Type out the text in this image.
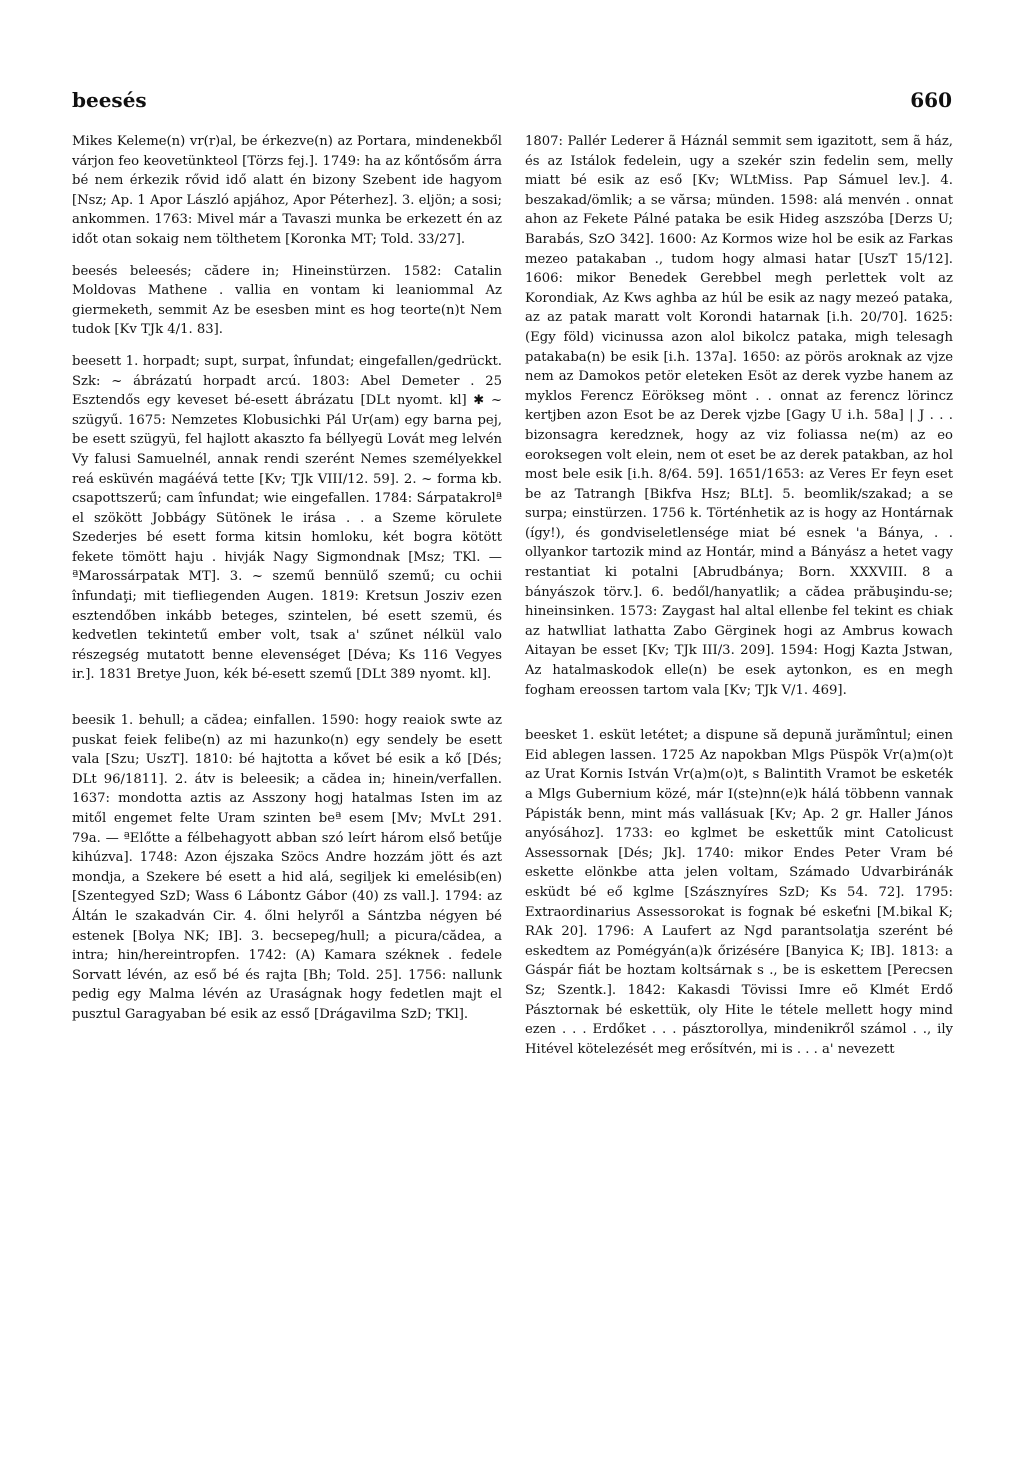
beesés	660

Mikes Keleme(n) vr(r)al, be érkezve(n) az Portara, mindenekből várjon feo keovetünkteol [Törzs fej.]. 1749: ha az kőntősőm árra bé nem érkezik rővid idő alatt én bizony Szebent ide hagyom [Nsz; Ap. 1 Apor László apjához, Apor Péterhez]. 3. eljön; a sosi; ankommen. 1763: Mivel már a Tavaszi munka be erkezett én az időt otan sokaig nem tölthetem [Koronka MT; Told. 33/27].

beesés beleesés; cădere in; Hineinstürzen. 1582: Catalin Moldovas Mathene . vallia en vontam ki leaniommal Az giermeketh, semmit Az be esesben mint es hog teorte(n)t Nem tudok [Kv TJk 4/1. 83].

beesett 1. horpadt; supt, surpat, înfundat; eingefallen/gedrückt. Szk: ~ ábrázatú horpadt arcú. 1803: Abel Demeter . 25 Esztendős egy keveset bé-esett ábrázatu [DLt nyomt. kl] ✱ ~ szügyű. 1675: Nemzetes Klobusichki Pál Ur(am) egy barna pej, be esett szügyü, fel hajlott akaszto fa béllyegü Lovát meg lelvén Vy falusi Samuelnél, annak rendi szerént Nemes személyekkel reá esküvén magáévá tette [Kv; TJk VIII/12. 59]. 2. ~ forma kb. csapottszerű; cam înfundat; wie eingefallen. 1784: Sárpatakrolª el szökött Jobbágy Sütönek le irása . . a Szeme körulete Szederjes bé esett forma kitsin homloku, két bogra kötött fekete tömött haju . hivják Nagy Sigmondnak [Msz; TKl. — ªMarossárpatak MT]. 3. ~ szemű bennülő szemű; cu ochii înfundaţi; mit tiefliegenden Augen. 1819: Kretsun Josziv ezen esztendőben inkább beteges, szintelen, bé esett szemü, és kedvetlen tekintetű ember volt, tsak a' szűnet nélkül valo részegség mutatott benne elevenséget [Déva; Ks 116 Vegyes ir.]. 1831 Bretye Juon, kék bé-esett szemű [DLt 389 nyomt. kl].

beesik 1. behull; a cădea; einfallen. 1590: hogy reaiok swte az puskat feiek felibe(n) az mi hazunko(n) egy sendely be esett vala [Szu; UszT]. 1810: bé hajtotta a kővet bé esik a kő [Dés; DLt 96/1811]. 2. átv is beleesik; a cădea in; hinein/verfallen. 1637: mondotta aztis az Asszony hogj hatalmas Isten im az mitől engemet felte Uram szinten beª esem [Mv; MvLt 291. 79a. — ªElőtte a félbehagyott abban szó leírt három első betűje kihúzva]. 1748: Azon éjszaka Szöcs Andre hozzám jött és azt mondja, a Szekere bé esett a hid alá, segiljek ki emelésib(en) [Szentegyed SzD; Wass 6 Lábontz Gábor (40) zs vall.]. 1794: az Áltán le szakadván Cir. 4. őlni helyről a Sántzba négyen bé estenek [Bolya NK; IB]. 3. becsepeg/hull; a picura/cădea, a intra; hin/hereintropfen. 1742: (A) Kamara széknek . fedele Sorvatt lévén, az eső bé és rajta [Bh; Told. 25]. 1756: nallunk pedig egy Malma lévén az Uraságnak hogy fedetlen majt el pusztul Garagyaban bé esik az esső [Drágavilma SzD; TKl].

1807: Pallér Lederer ã Háznál semmit sem igazitott, sem ã ház, és az Istálok fedelein, ugy a szekér szin fedelin sem, melly miatt bé esik az eső [Kv; WLtMiss. Pap Sámuel lev.]. 4. beszakad/ömlik; a se vărsa; münden. 1598: alá menvén . onnat ahon az Fekete Pálné pataka be esik Hideg aszszóba [Derzs U; Barabás, SzO 342]. 1600: Az Kormos wize hol be esik az Farkas mezeo patakaban ., tudom hogy almasi hatar [UszT 15/12]. 1606: mikor Benedek Gerebbel megh perlettek volt az Korondiak, Az Kws aghba az húl be esik az nagy mezeó pataka, az az patak maratt volt Korondi hatarnak [i.h. 20/70]. 1625: (Egy föld) vicinussa azon alol bikolcz pataka, migh telesagh patakaba(n) be esik [i.h. 137a]. 1650: az pörös aroknak az vjze nem az Damokos petör eleteken Esöt az derek vyzbe hanem az myklos Ferencz Eörökseg mönt . . onnat az ferencz lörincz kertjben azon Esot be az Derek vjzbe [Gagy U i.h. 58a] | J . . . bizonsagra keredznek, hogy az viz foliassa ne(m) az eo eoroksegen volt elein, nem ot eset be az derek patakban, az hol most bele esik [i.h. 8/64. 59]. 1651/1653: az Veres Er feyn eset be az Tatrangh [Bikfva Hsz; BLt]. 5. beomlik/szakad; a se surpa; einstürzen. 1756 k. Történhetik az is hogy az Hontárnak (így!), és gondviseletlensége miat bé esnek 'a Bánya, . . ollyankor tartozik mind az Hontár, mind a Bányász a hetet vagy restantiat ki potalni [Abrudbánya; Born. XXXVIII. 8 a bányászok törv.]. 6. bedől/hanyatlik; a cădea prăbuşindu-se; hineinsinken. 1573: Zaygast hal altal ellenbe fel tekint es chiak az hatwlliat lathatta Zabo Gërginek hogi az Ambrus kowach Aitayan be esset [Kv; TJk III/3. 209]. 1594: Hogj Kazta Jstwan, Az hatalmaskodok elle(n) be esek aytonkon, es en megh fogham ereossen tartom vala [Kv; TJk V/1. 469].

beesket 1. esküt letétet; a dispune să depună jurămîntul; einen Eid ablegen lassen. 1725 Az napokban Mlgs Püspök Vr(a)m(o)t az Urat Kornis István Vr(a)m(o)t, s Balintith Vramot be esketék a Mlgs Gubernium közé, már I(ste)nn(e)k hálá többenn vannak Pápisták benn, mint más vallásuak [Kv; Ap. 2 gr. Haller János anyósához]. 1733: eo kglmet be eskettűk mint Catolicust Assessornak [Dés; Jk]. 1740: mikor Endes Peter Vram bé eskette elönkbe atta jelen voltam, Számado Udvarbiránák esküdt bé eő kglme [Szásznyíres SzD; Ks 54. 72]. 1795: Extraordinarius Assessorokat is fognak bé eskeťni [M.bikal K; RAk 20]. 1796: A Laufert az Ngd parantsolatja szerént bé eskedtem az Pomégyán(a)k őrizésére [Banyica K; IB]. 1813: a Gáspár fiát be hoztam koltsárnak s ., be is eskettem [Perecsen Sz; Szentk.]. 1842: Kakasdi Tövissi Imre eõ Klmét Erdő Pásztornak bé eskettük, oly Hite le tétele mellett hogy mind ezen . . . Erdőket . . . pásztorollya, mindenikről számol . ., ily Hitével kötelezését meg erősítvén, mi is . . . a' nevezett
